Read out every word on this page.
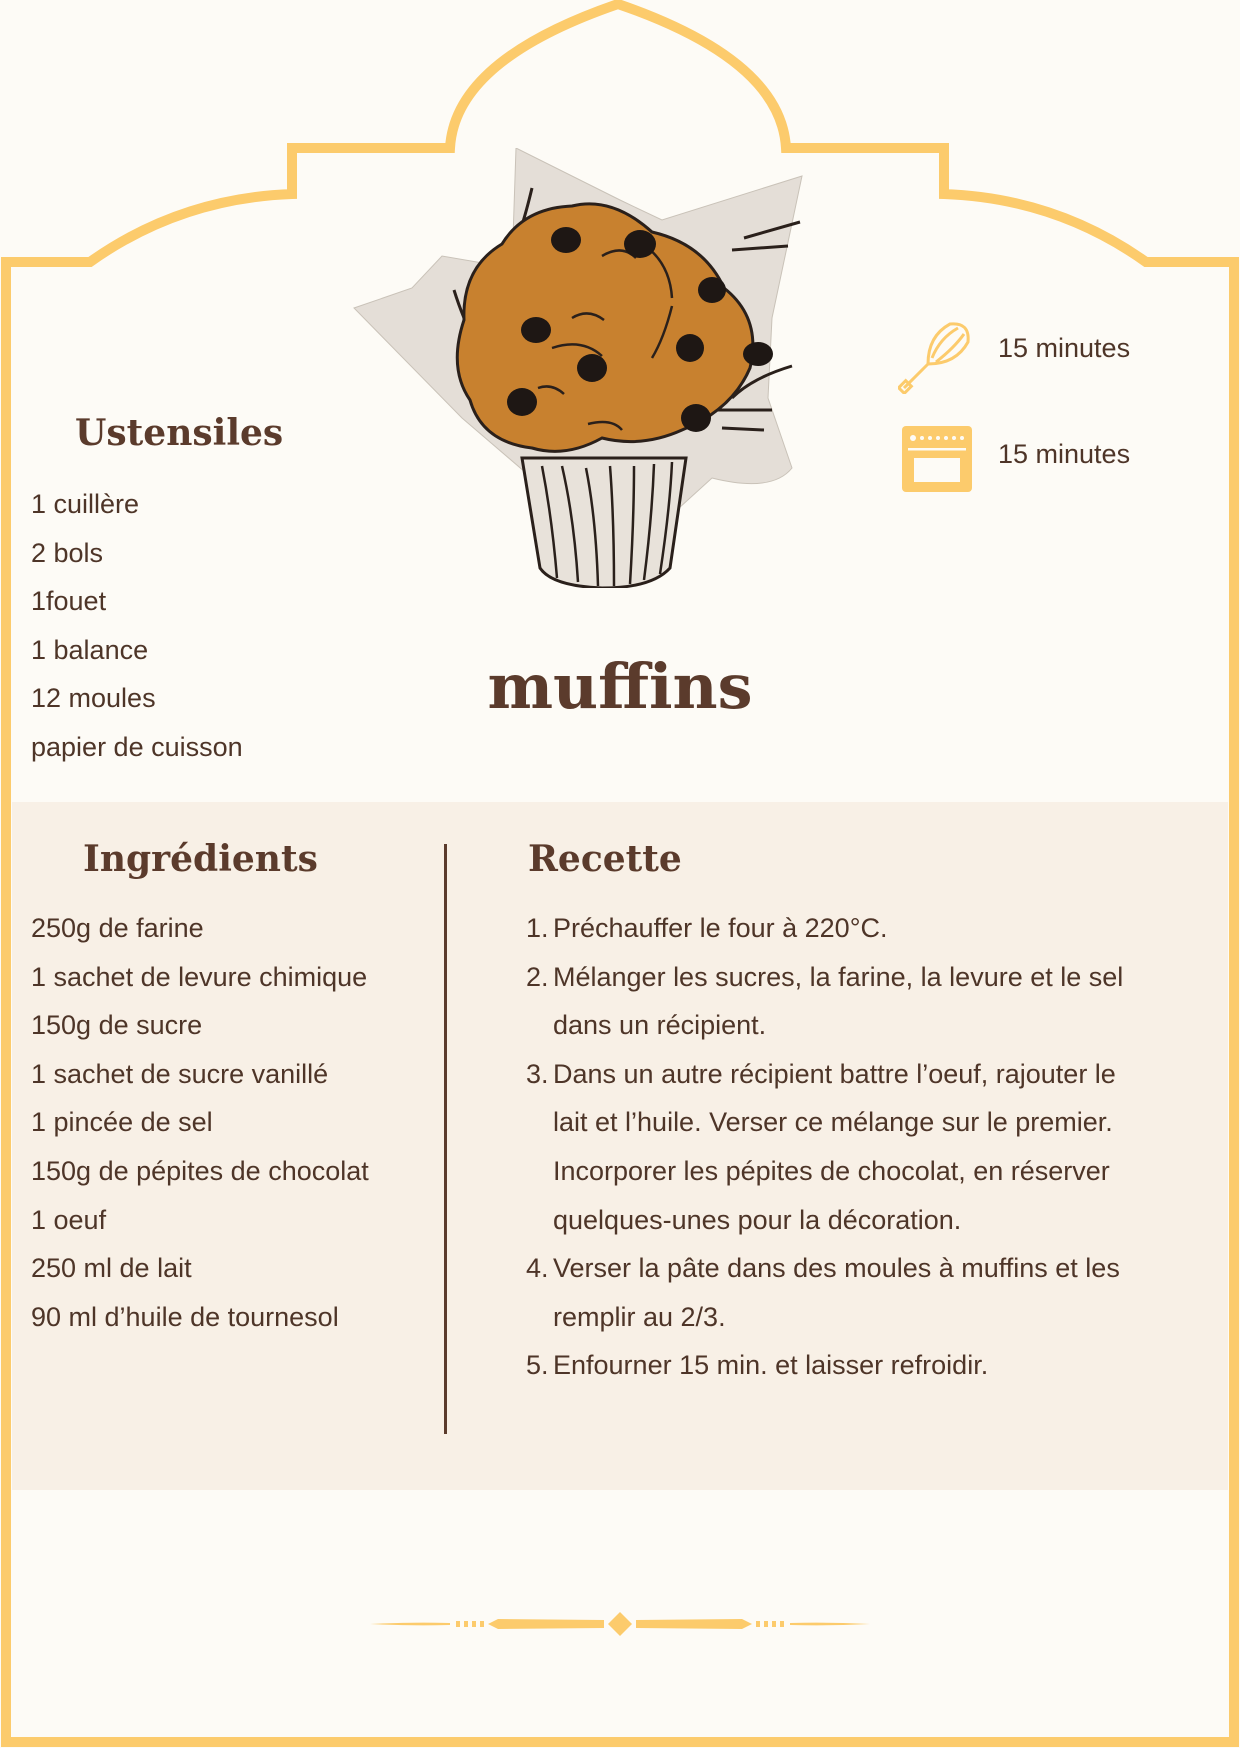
15 minutes
15 minutes
Ustensiles
1 cuillère
2 bols
1fouet
1 balance
12 moules
papier de cuisson
muffins
Ingrédients
250g de farine
1 sachet de levure chimique
150g de sucre
1 sachet de sucre vanillé
1 pincée de sel
150g de pépites de chocolat
1 oeuf
250 ml de lait
90 ml d’huile de tournesol
Recette
1. Préchauffer le four à 220°C.
2. Mélanger les sucres, la farine, la levure et le sel dans un récipient.
3. Dans un autre récipient battre l’oeuf, rajouter le lait et l’huile. Verser ce mélange sur le premier. Incorporer les pépites de chocolat, en réserver quelques-unes pour la décoration.
4. Verser la pâte dans des moules à muffins et les remplir au 2/3.
5. Enfourner 15 min. et laisser refroidir.
